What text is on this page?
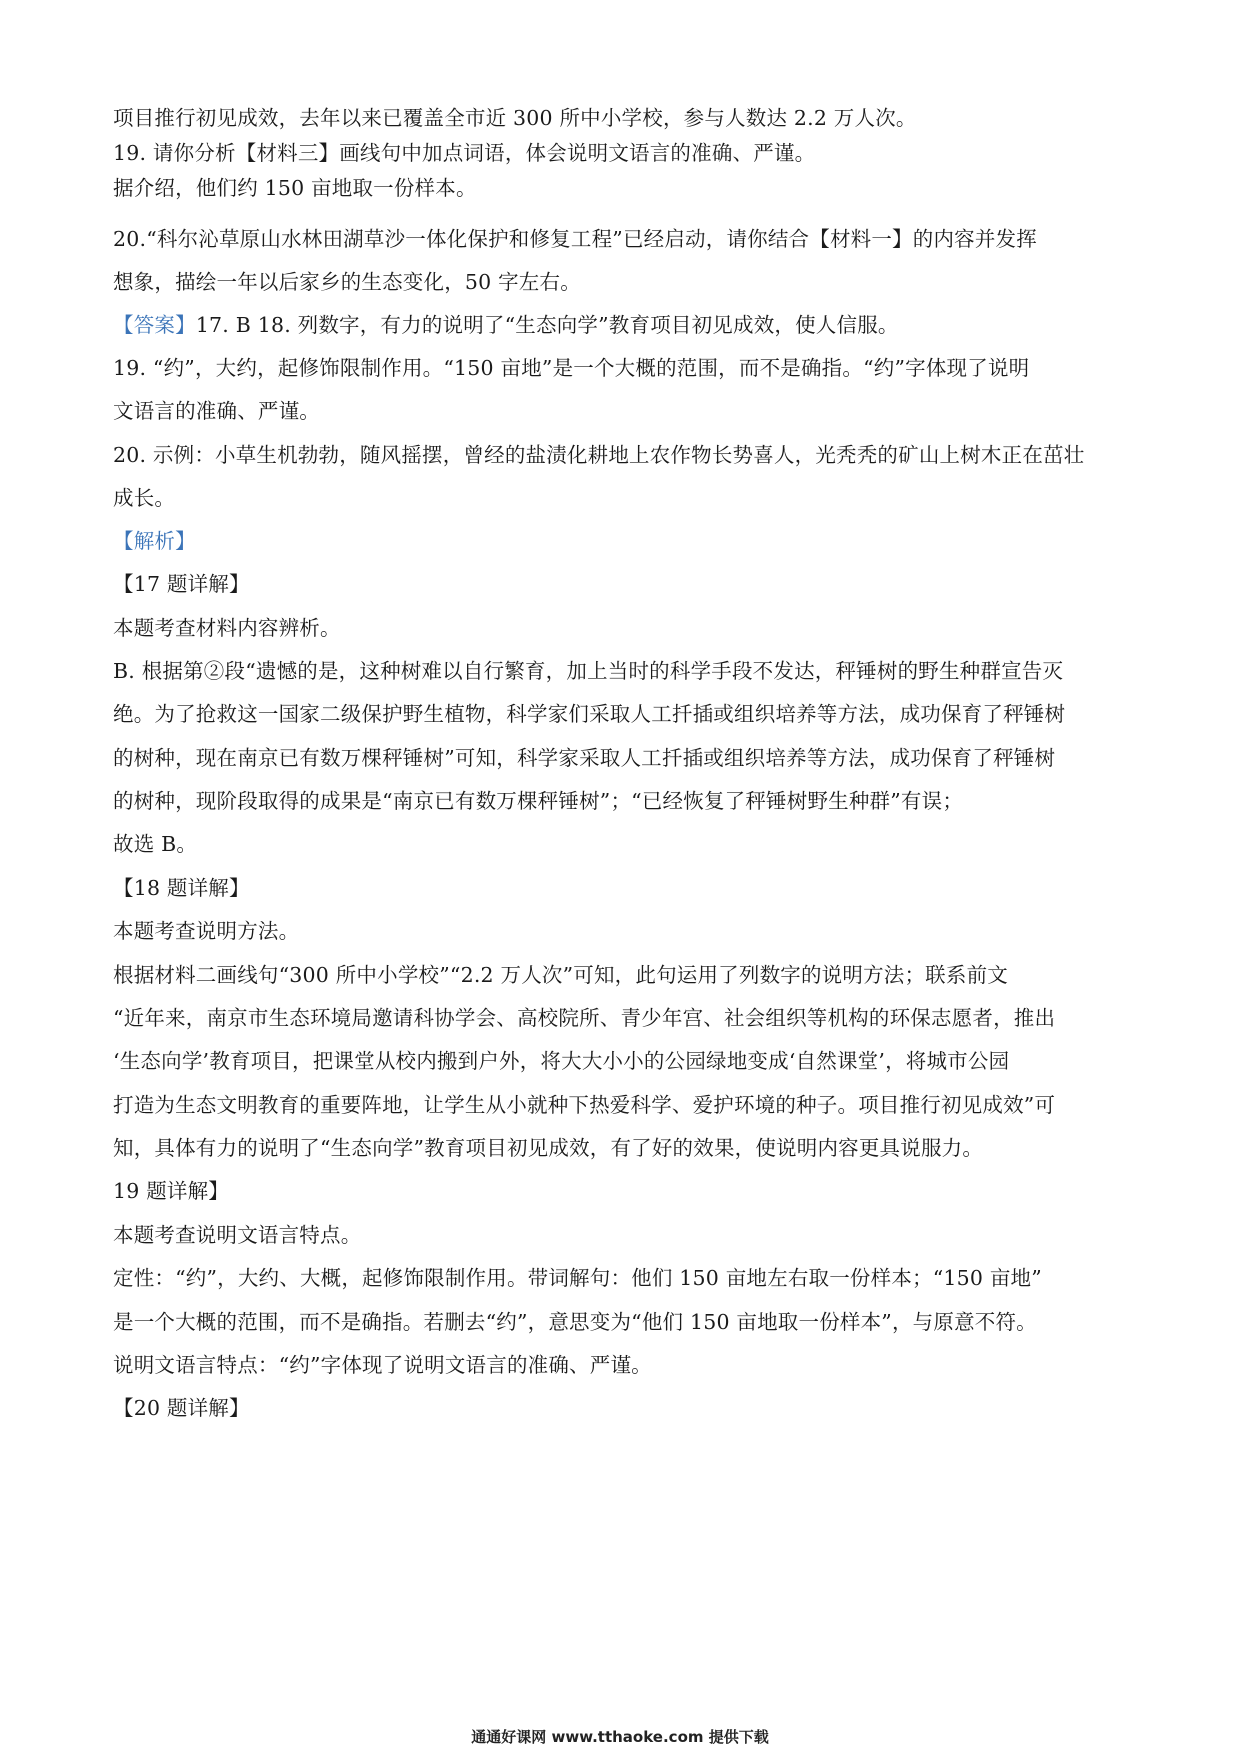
项目推行初见成效，去年以来已覆盖全市近 300 所中小学校，参与人数达 2.2 万人次。
19. 请你分析【材料三】画线句中加点词语，体会说明文语言的准确、严谨。
据介绍，他们约 150 亩地取一份样本。
20.“科尔沁草原山水林田湖草沙一体化保护和修复工程”已经启动，请你结合【材料一】的内容并发挥
想象，描绘一年以后家乡的生态变化，50 字左右。
【答案】17. B 18. 列数字，有力的说明了“生态向学”教育项目初见成效，使人信服。
19. “约”，大约，起修饰限制作用。“150 亩地”是一个大概的范围，而不是确指。“约”字体现了说明
文语言的准确、严谨。
20. 示例：小草生机勃勃，随风摇摆，曾经的盐渍化耕地上农作物长势喜人，光秃秃的矿山上树木正在茁壮
成长。
【解析】
【17 题详解】
本题考查材料内容辨析。
B. 根据第②段“遗憾的是，这种树难以自行繁育，加上当时的科学手段不发达，秤锤树的野生种群宣告灭
绝。为了抢救这一国家二级保护野生植物，科学家们采取人工扦插或组织培养等方法，成功保育了秤锤树
的树种，现在南京已有数万棵秤锤树”可知，科学家采取人工扦插或组织培养等方法，成功保育了秤锤树
的树种，现阶段取得的成果是“南京已有数万棵秤锤树”；“已经恢复了秤锤树野生种群”有误；
故选 B。
【18 题详解】
本题考查说明方法。
根据材料二画线句“300 所中小学校”“2.2 万人次”可知，此句运用了列数字的说明方法；联系前文
“近年来，南京市生态环境局邀请科协学会、高校院所、青少年宫、社会组织等机构的环保志愿者，推出
‘生态向学’教育项目，把课堂从校内搬到户外，将大大小小的公园绿地变成‘自然课堂’，将城市公园
打造为生态文明教育的重要阵地，让学生从小就种下热爱科学、爱护环境的种子。项目推行初见成效”可
知，具体有力的说明了“生态向学”教育项目初见成效，有了好的效果，使说明内容更具说服力。
19 题详解】
本题考查说明文语言特点。
定性：“约”，大约、大概，起修饰限制作用。带词解句：他们 150 亩地左右取一份样本；“150 亩地”
是一个大概的范围，而不是确指。若删去“约”，意思变为“他们 150 亩地取一份样本”，与原意不符。
说明文语言特点：“约”字体现了说明文语言的准确、严谨。
【20 题详解】
通通好课网 www.tthaoke.com 提供下载
